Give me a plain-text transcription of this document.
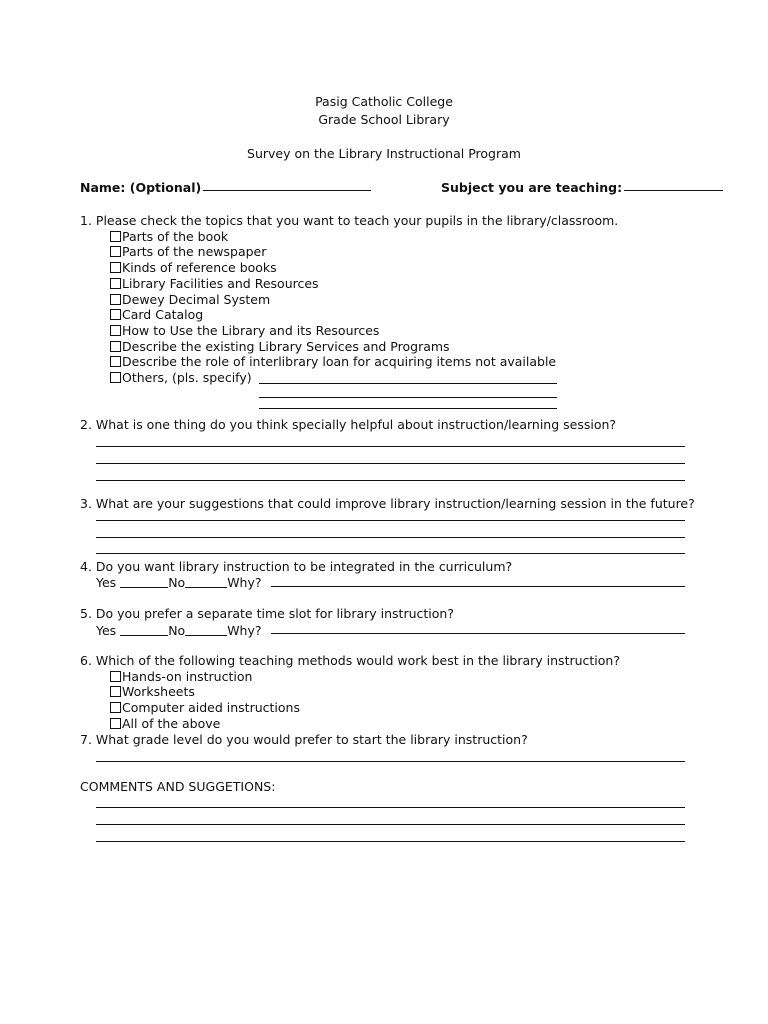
Pasig Catholic College
Grade School Library
Survey on the Library Instructional Program
Name: (Optional)	Subject you are teaching:
1. Please check the topics that you want to teach your pupils in the library/classroom.
Parts of the book
Parts of the newspaper
Kinds of reference books
Library Facilities and Resources
Dewey Decimal System
Card Catalog
How to Use the Library and its Resources
Describe the existing Library Services and Programs
Describe the role of interlibrary loan for acquiring items not available
Others, (pls. specify)
2. What is one thing do you think specially helpful about instruction/learning session?
3. What are your suggestions that could improve library instruction/learning session in the future?
4. Do you want library instruction to be integrated in the curriculum?
Yes	No	Why?
5. Do you prefer a separate time slot for library instruction?
Yes	No	Why?
6. Which of the following teaching methods would work best in the library instruction?
Hands-on instruction
Worksheets
Computer aided instructions
All of the above
7. What grade level do you would prefer to start the library instruction?
COMMENTS AND SUGGETIONS:
